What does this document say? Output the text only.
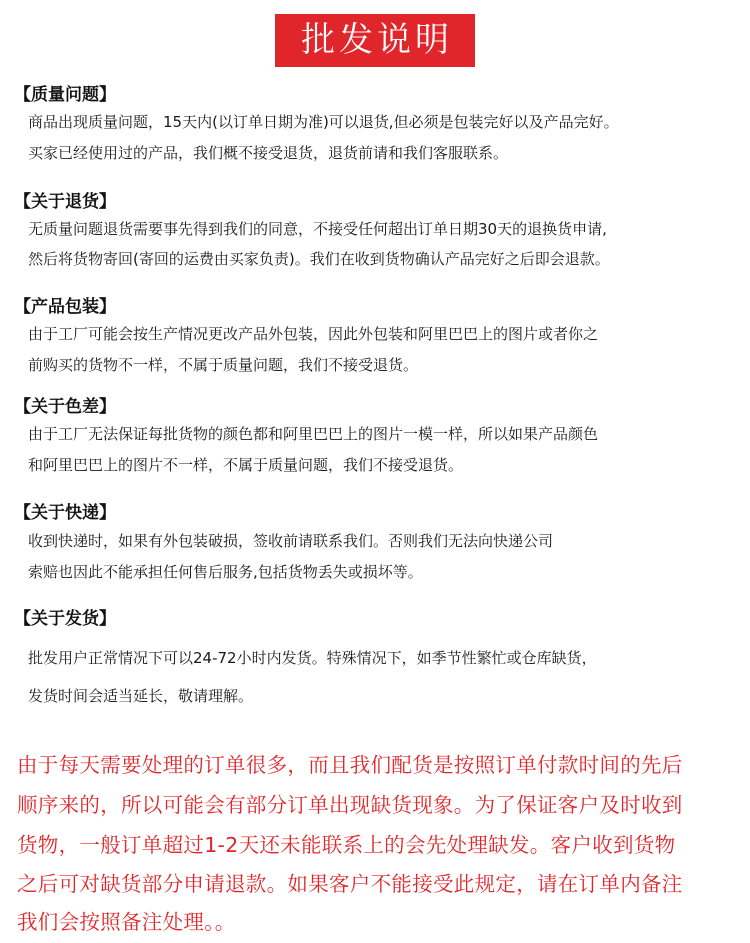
批发说明
【质量问题】
商品出现质量问题，15天内(以订单日期为准)可以退货,但必须是包装完好以及产品完好。
买家已经使用过的产品，我们概不接受退货，退货前请和我们客服联系。
【关于退货】
无质量问题退货需要事先得到我们的同意，不接受任何超出订单日期30天的退换货申请,
然后将货物寄回(寄回的运费由买家负责)。我们在收到货物确认产品完好之后即会退款。
【产品包装】
由于工厂可能会按生产情况更改产品外包装，因此外包装和阿里巴巴上的图片或者你之
前购买的货物不一样，不属于质量问题，我们不接受退货。
【关于色差】
由于工厂无法保证每批货物的颜色都和阿里巴巴上的图片一模一样，所以如果产品颜色
和阿里巴巴上的图片不一样，不属于质量问题，我们不接受退货。
【关于快递】
收到快递时，如果有外包装破损，签收前请联系我们。否则我们无法向快递公司
索赔也因此不能承担任何售后服务,包括货物丢失或损坏等。
【关于发货】
批发用户正常情况下可以24-72小时内发货。特殊情况下，如季节性繁忙或仓库缺货，
发货时间会适当延长，敬请理解。
由于每天需要处理的订单很多，而且我们配货是按照订单付款时间的先后
顺序来的，所以可能会有部分订单出现缺货现象。为了保证客户及时收到
货物，一般订单超过1-2天还未能联系上的会先处理缺发。客户收到货物
之后可对缺货部分申请退款。如果客户不能接受此规定，请在订单内备注
我们会按照备注处理。。
